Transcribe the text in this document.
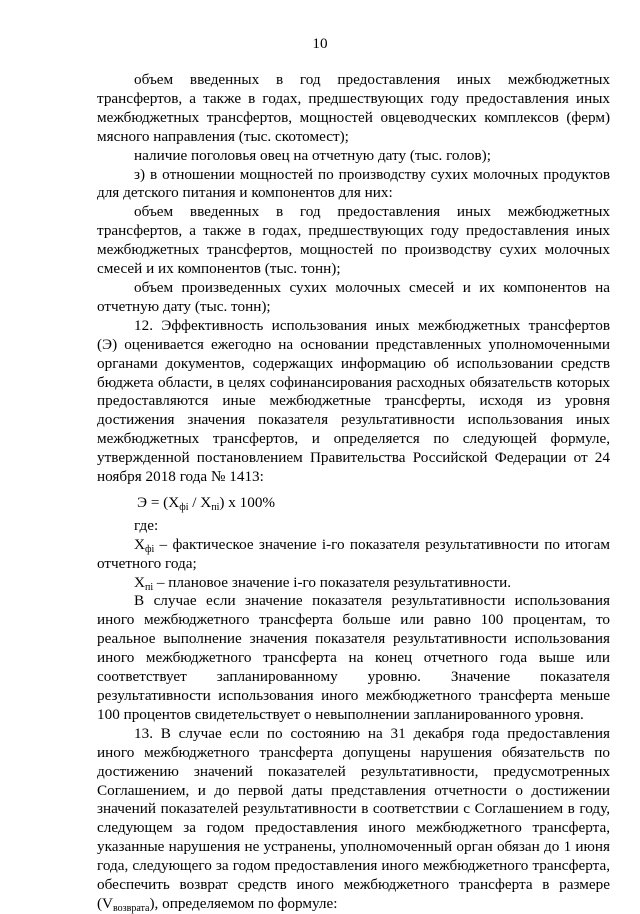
10

объем введенных в год предоставления иных межбюджетных трансфертов, а также в годах, предшествующих году предоставления иных межбюджетных трансфертов, мощностей овцеводческих комплексов (ферм) мясного направления (тыс. скотомест);

наличие поголовья овец на отчетную дату (тыс. голов);

з) в отношении мощностей по производству сухих молочных продуктов для детского питания и компонентов для них:

объем введенных в год предоставления иных межбюджетных трансфертов, а также в годах, предшествующих году предоставления иных межбюджетных трансфертов, мощностей по производству сухих молочных смесей и их компонентов (тыс. тонн);

объем произведенных сухих молочных смесей и их компонентов на отчетную дату (тыс. тонн);

12. Эффективность использования иных межбюджетных трансфертов (Э) оценивается ежегодно на основании представленных уполномоченными органами документов, содержащих информацию об использовании средств бюджета области, в целях софинансирования расходных обязательств которых предоставляются иные межбюджетные трансферты, исходя из уровня достижения значения показателя результативности использования иных межбюджетных трансфертов, и определяется по следующей формуле, утвержденной постановлением Правительства Российской Федерации от 24 ноября 2018 года № 1413:

$Э = (Х_{фi} / Х_{пi})$ х 100%

где:

$Х_{фi}$ – фактическое значение i-го показателя результативности по итогам отчетного года;

$Х_{пi}$ – плановое значение i-го показателя результативности.

В случае если значение показателя результативности использования иного межбюджетного трансферта больше или равно 100 процентам, то реальное выполнение значения показателя результативности использования иного межбюджетного трансферта на конец отчетного года выше или соответствует запланированному уровню. Значение показателя результативности использования иного межбюджетного трансферта меньше 100 процентов свидетельствует о невыполнении запланированного уровня.

13. В случае если по состоянию на 31 декабря года предоставления иного межбюджетного трансферта допущены нарушения обязательств по достижению значений показателей результативности, предусмотренных Соглашением, и до первой даты представления отчетности о достижении значений показателей результативности в соответствии с Соглашением в году, следующем за годом предоставления иного межбюджетного трансферта, указанные нарушения не устранены, уполномоченный орган обязан до 1 июня года, следующего за годом предоставления иного межбюджетного трансферта, обеспечить возврат средств иного межбюджетного трансферта в размере $(V_{возврата})$, определяемом по формуле:
